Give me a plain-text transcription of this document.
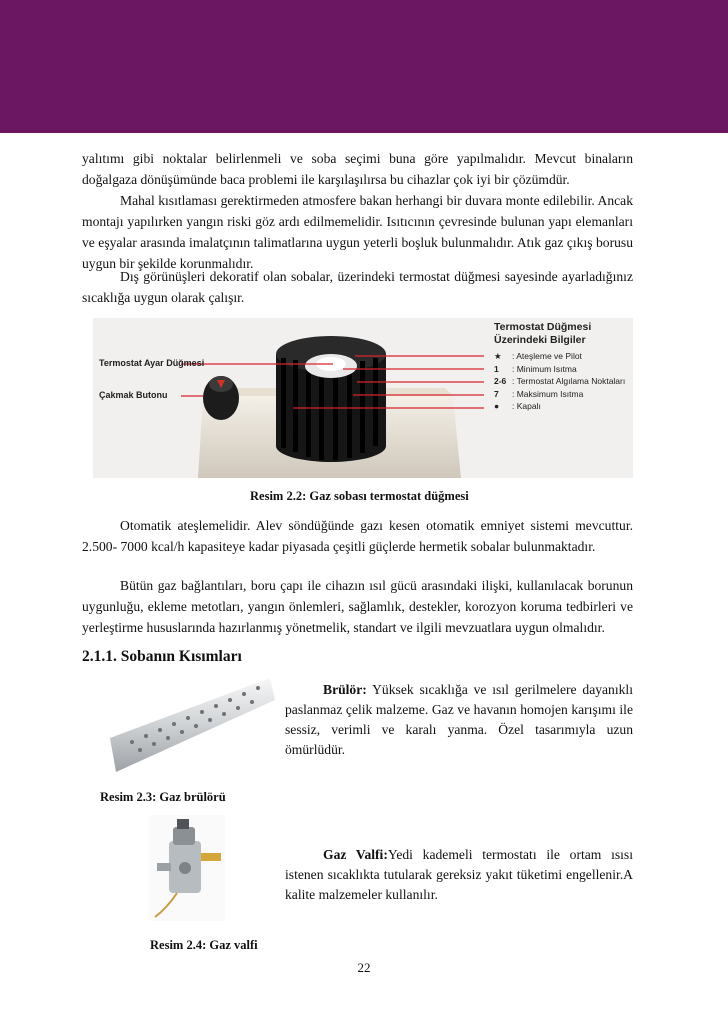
yalıtımı gibi noktalar belirlenmeli ve soba seçimi buna göre yapılmalıdır. Mevcut binaların doğalgaza dönüşümünde baca problemi ile karşılaşılırsa bu cihazlar çok iyi bir çözümdür.

Mahal kısıtlaması gerektirmeden atmosfere bakan herhangi bir duvara monte edilebilir. Ancak montajı yapılırken yangın riski göz ardı edilmemelidir. Isıtıcının çevresinde bulunan yapı elemanları ve eşyalar arasında imalatçının talimatlarına uygun yeterli boşluk bulunmalıdır. Atık gaz çıkış borusu uygun bir şekilde korunmalıdır.

Dış görünüşleri dekoratif olan sobalar, üzerindeki termostat düğmesi sayesinde ayarladığınız sıcaklığa uygun olarak çalışır.

Termostat Ayar Düğmesi
Çakmak Butonu
Termostat Düğmesi
Üzerindeki Bilgiler
★ : Ateşleme ve Pilot
1 : Minimum Isıtma
2-6 : Termostat Algılama Noktaları
7 : Maksimum Isıtma
● : Kapalı
Resim 2.2: Gaz sobası termostat düğmesi

Otomatik ateşlemelidir. Alev söndüğünde gazı kesen otomatik emniyet sistemi mevcuttur. 2.500- 7000 kcal/h kapasiteye kadar piyasada çeşitli güçlerde hermetik sobalar bulunmaktadır.

Bütün gaz bağlantıları, boru çapı ile cihazın ısıl gücü arasındaki ilişki, kullanılacak borunun uygunluğu, ekleme metotları, yangın önlemleri, sağlamlık, destekler, korozyon koruma tedbirleri ve yerleştirme hususlarında hazırlanmış yönetmelik, standart ve ilgili mevzuatlara uygun olmalıdır.

2.1.1. Sobanın Kısımları

Brülör: Yüksek sıcaklığa ve ısıl gerilmelere dayanıklı paslanmaz çelik malzeme. Gaz ve havanın homojen karışımı ile sessiz, verimli ve karalı yanma. Özel tasarımıyla uzun ömürlüdür.

Resim 2.3: Gaz brülörü

Gaz Valfi:Yedi kademeli termostatı ile ortam ısısı istenen sıcaklıkta tutularak gereksiz yakıt tüketimi engellenir.A kalite malzemeler kullanılır.

Resim 2.4: Gaz valfi
22
